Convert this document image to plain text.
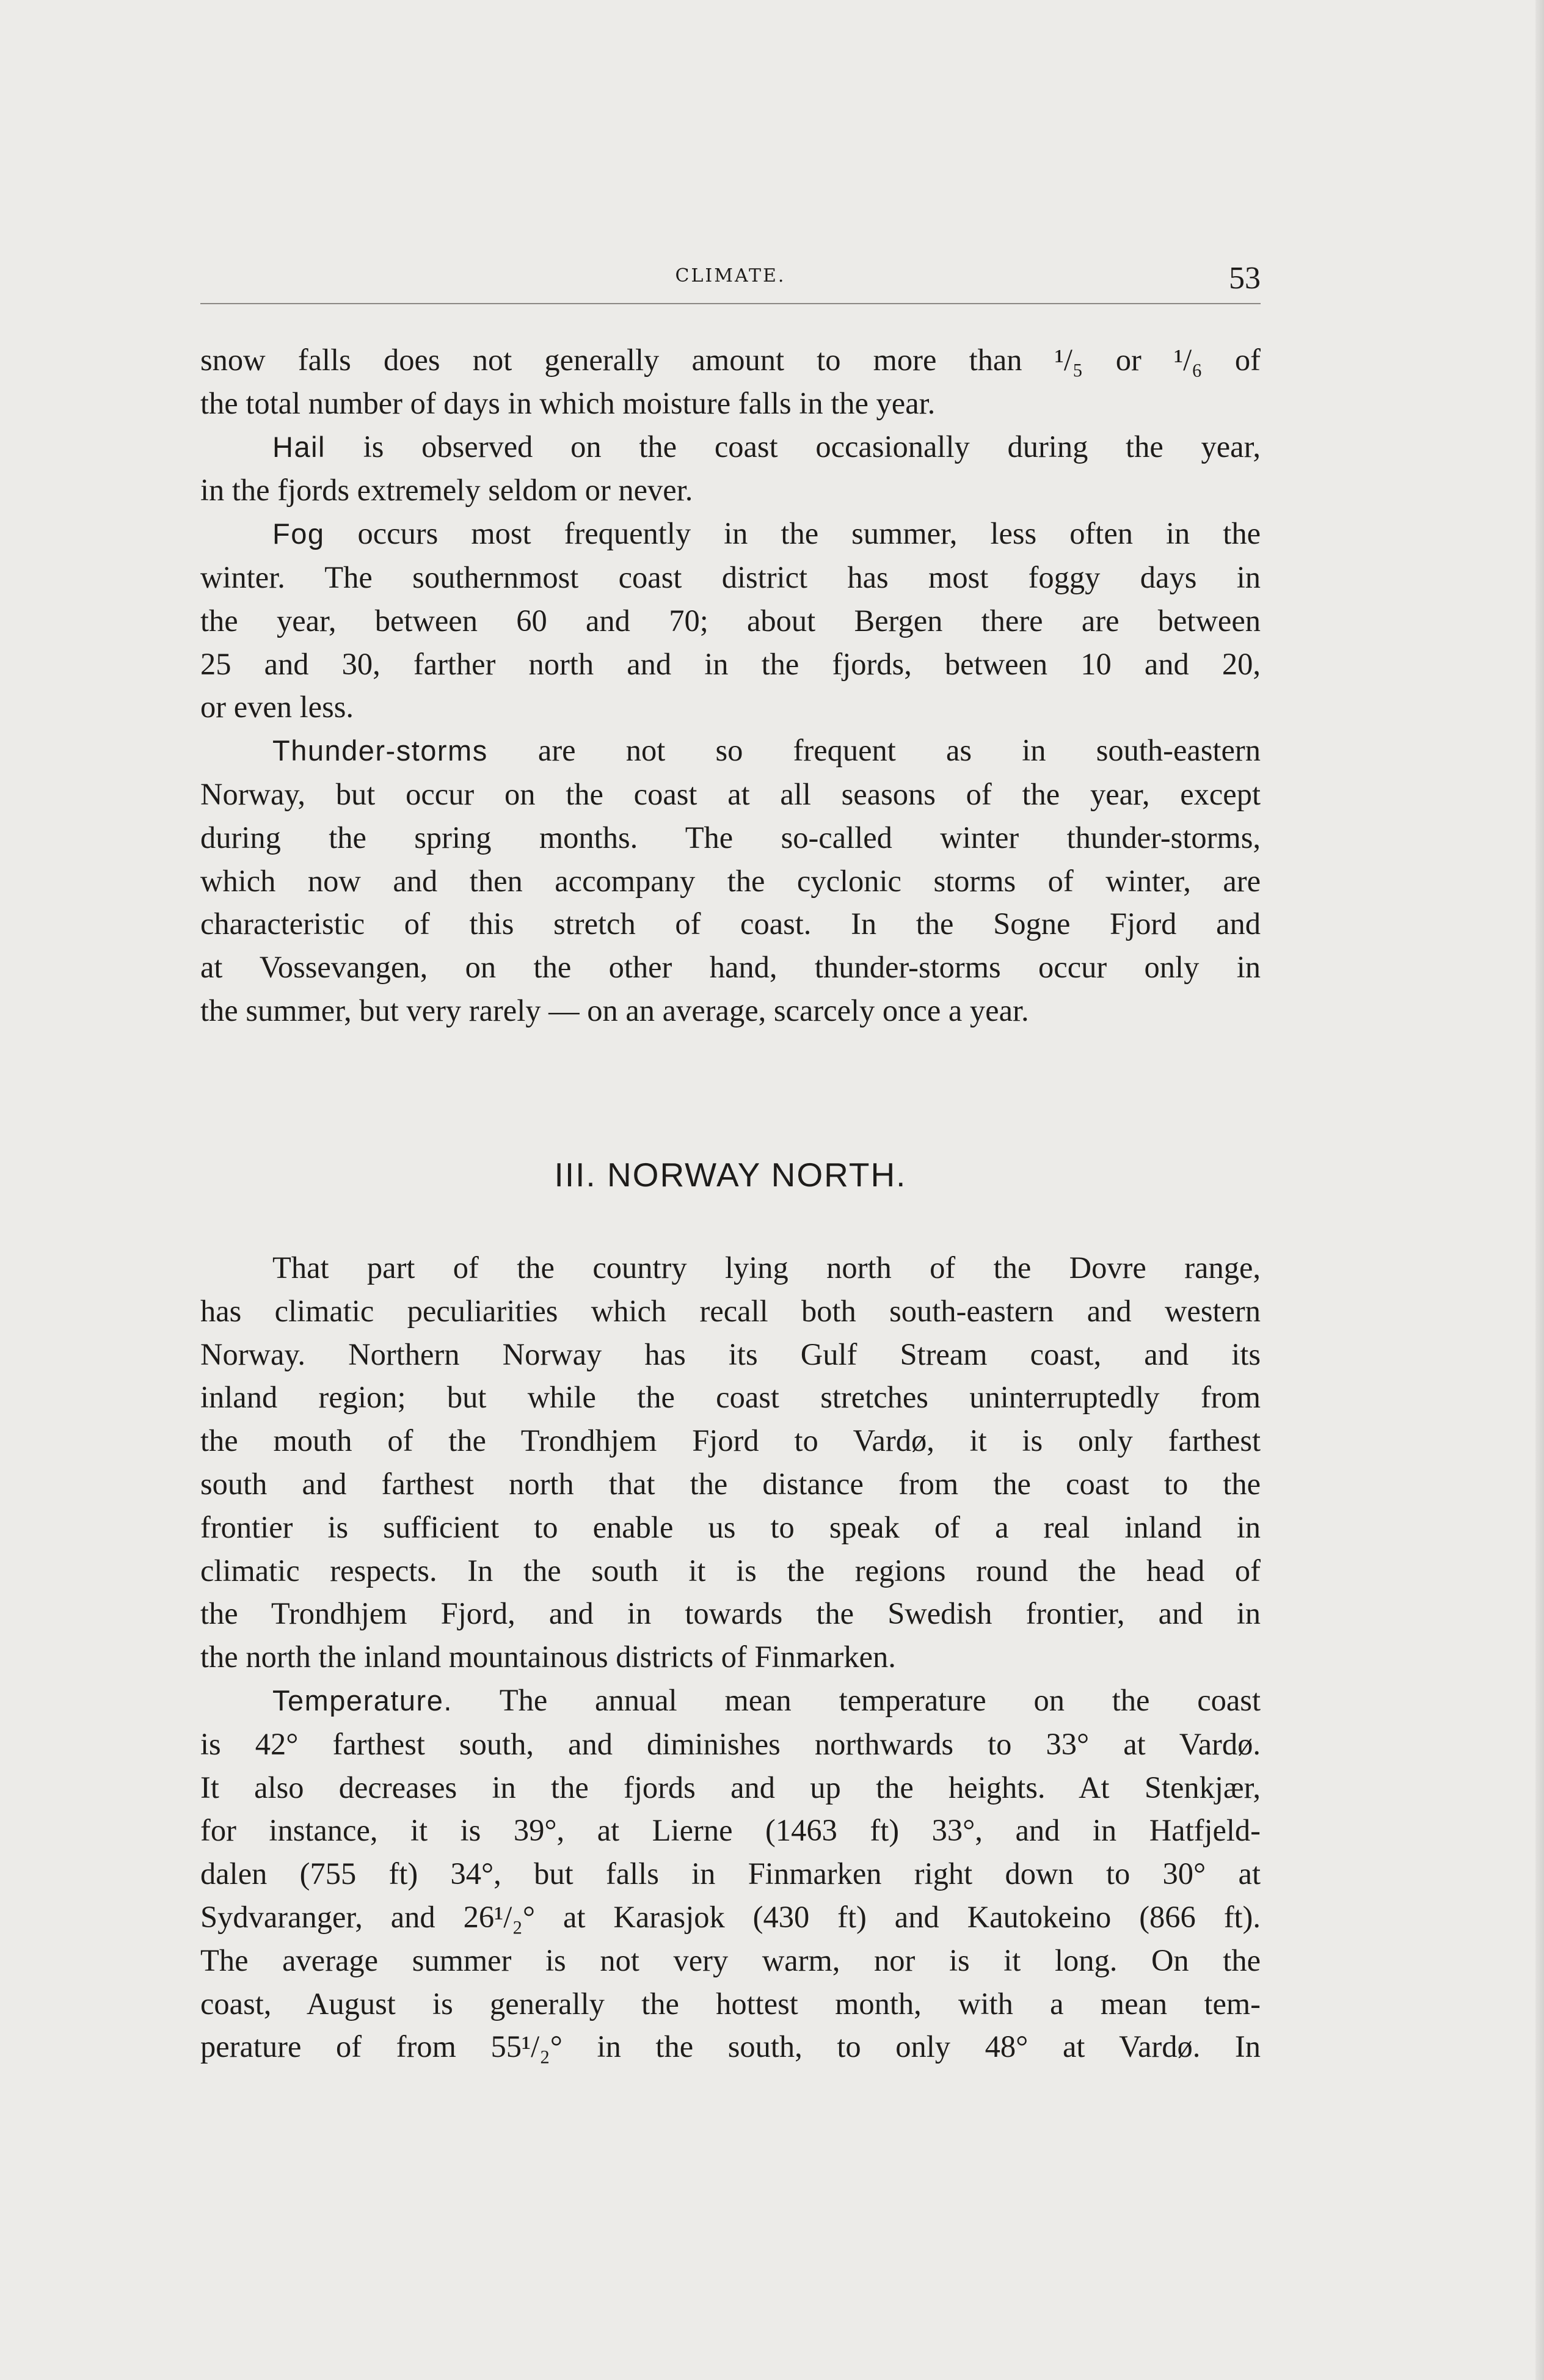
CLIMATE.	53
snow falls does not generally amount to more than ¹/₅ or ¹/₆ of
the total number of days in which moisture falls in the year.
Hail is observed on the coast occasionally during the year,
in the fjords extremely seldom or never.
Fog occurs most frequently in the summer, less often in the
winter. The southernmost coast district has most foggy days in
the year, between 60 and 70; about Bergen there are between
25 and 30, farther north and in the fjords, between 10 and 20,
or even less.
Thunder-storms are not so frequent as in south-eastern
Norway, but occur on the coast at all seasons of the year, except
during the spring months. The so-called winter thunder-storms,
which now and then accompany the cyclonic storms of winter, are
characteristic of this stretch of coast. In the Sogne Fjord and
at Vossevangen, on the other hand, thunder-storms occur only in
the summer, but very rarely — on an average, scarcely once a year.
III. NORWAY NORTH.
That part of the country lying north of the Dovre range,
has climatic peculiarities which recall both south-eastern and western
Norway. Northern Norway has its Gulf Stream coast, and its
inland region; but while the coast stretches uninterruptedly from
the mouth of the Trondhjem Fjord to Vardø, it is only farthest
south and farthest north that the distance from the coast to the
frontier is sufficient to enable us to speak of a real inland in
climatic respects. In the south it is the regions round the head of
the Trondhjem Fjord, and in towards the Swedish frontier, and in
the north the inland mountainous districts of Finmarken.
Temperature. The annual mean temperature on the coast
is 42° farthest south, and diminishes northwards to 33° at Vardø.
It also decreases in the fjords and up the heights. At Stenkjær,
for instance, it is 39°, at Lierne (1463 ft) 33°, and in Hatfjeld-
dalen (755 ft) 34°, but falls in Finmarken right down to 30° at
Sydvaranger, and 26¹/₂° at Karasjok (430 ft) and Kautokeino (866 ft).
The average summer is not very warm, nor is it long. On the
coast, August is generally the hottest month, with a mean tem-
perature of from 55¹/₂° in the south, to only 48° at Vardø. In
